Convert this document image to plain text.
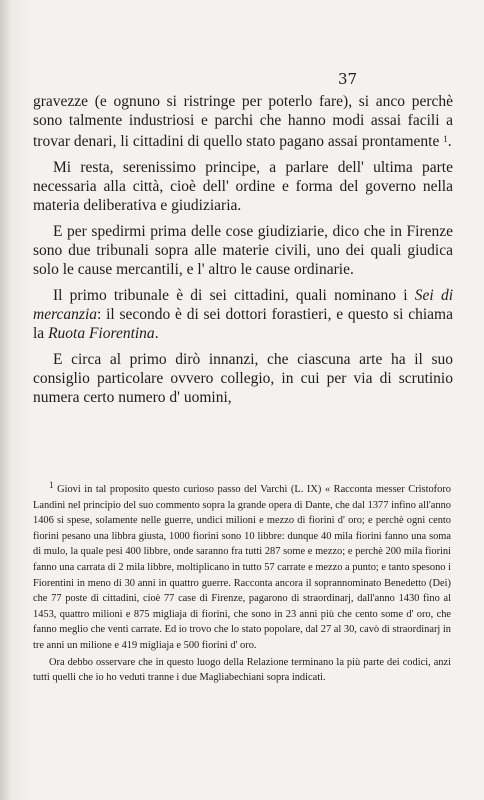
37

gravezze (e ognuno si ristringe per poterlo fare), si anco perchè sono talmente industriosi e parchi che hanno modi assai facili a trovar denari, li cittadini di quello stato pagano assai prontamente $^1$.

Mi resta, serenissimo principe, a parlare dell' ultima parte necessaria alla città, cioè dell' ordine e forma del governo nella materia deliberativa e giudiziaria.

E per spedirmi prima delle cose giudiziarie, dico che in Firenze sono due tribunali sopra alle materie civili, uno dei quali giudica solo le cause mercantili, e l' altro le cause ordinarie.

Il primo tribunale è di sei cittadini, quali nominano i Sei di mercanzia: il secondo è di sei dottori forastieri, e questo si chiama la Ruota Fiorentina.

E circa al primo dirò innanzi, che ciascuna arte ha il suo consiglio particolare ovvero collegio, in cui per via di scrutinio numera certo numero d' uomini,

$^1$ Giovi in tal proposito questo curioso passo del Varchi (L. IX) « Racconta messer Cristoforo Landini nel principio del suo commento sopra la grande opera di Dante, che dal 1377 infino all'anno 1406 si spese, solamente nelle guerre, undici milioni e mezzo di fiorini d' oro; e perchè ogni cento fiorini pesano una libbra giusta, 1000 fiorini sono 10 libbre: dunque 40 mila fiorini fanno una soma di mulo, la quale pesi 400 libbre, onde saranno fra tutti 287 some e mezzo; e perchè 200 mila fiorini fanno una carrata di 2 mila libbre, moltiplicano in tutto 57 carrate e mezzo a punto; e tanto spesono i Fiorentini in meno di 30 anni in quattro guerre. Racconta ancora il soprannominato Benedetto (Dei) che 77 poste di cittadini, cioè 77 case di Firenze, pagarono di straordinarj, dall'anno 1430 fino al 1453, quattro milioni e 875 migliaja di fiorini, che sono in 23 anni più che cento some d' oro, che fanno meglio che venti carrate. Ed io trovo che lo stato popolare, dal 27 al 30, cavò di straordinarj in tre anni un milione e 419 migliaja e 500 fiorini d' oro.

Ora debbo osservare che in questo luogo della Relazione terminano la più parte dei codici, anzi tutti quelli che io ho veduti tranne i due Magliabechiani sopra indicati.
